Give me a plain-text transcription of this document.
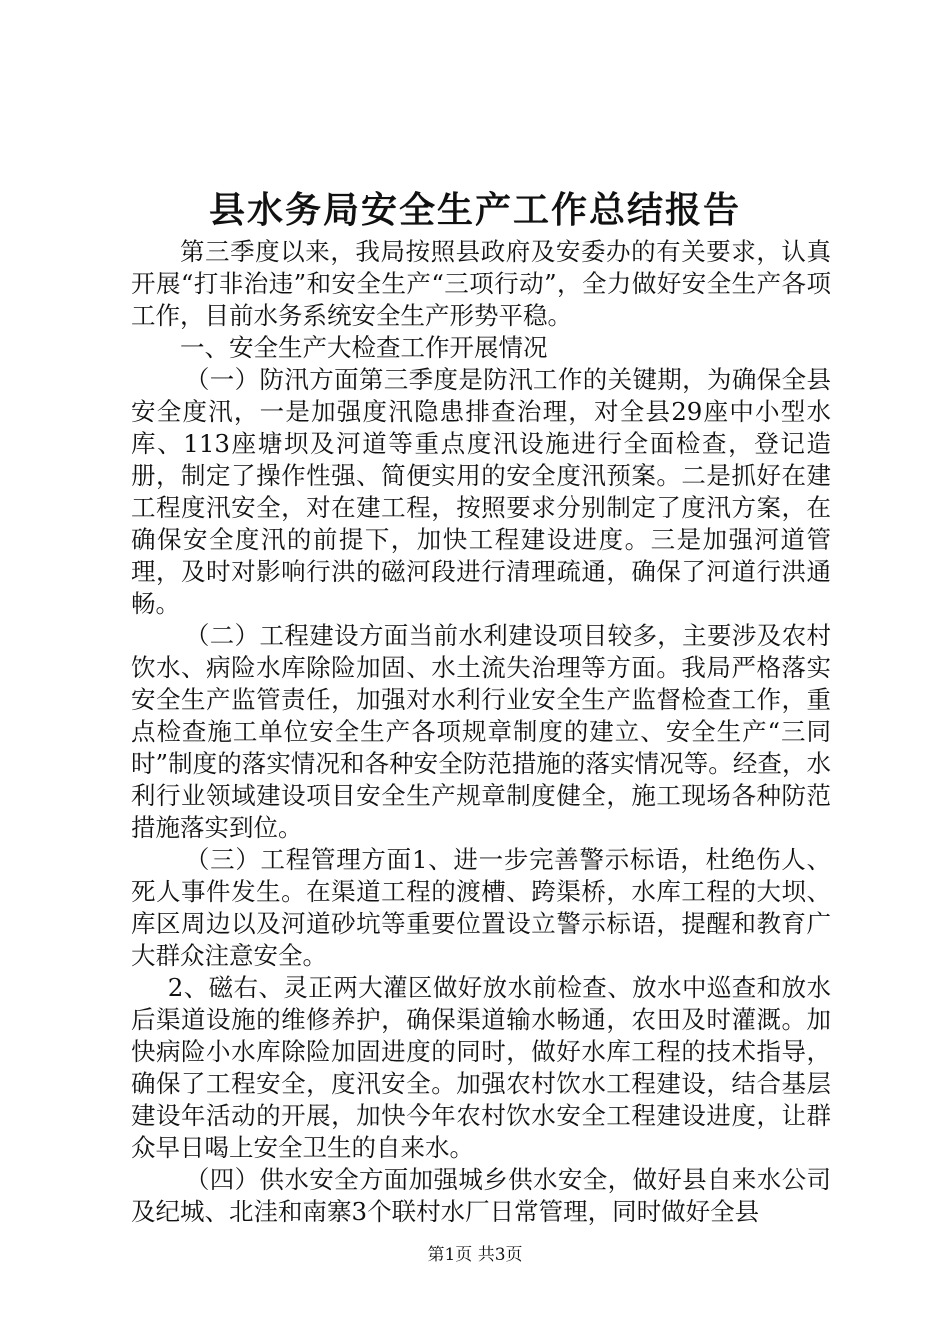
县水务局安全生产工作总结报告

第三季度以来，我局按照县政府及安委办的有关要求，认真开展“打非治违”和安全生产“三项行动”，全力做好安全生产各项工作，目前水务系统安全生产形势平稳。

一、安全生产大检查工作开展情况

（一）防汛方面第三季度是防汛工作的关键期，为确保全县安全度汛，一是加强度汛隐患排查治理，对全县29座中小型水库、113座塘坝及河道等重点度汛设施进行全面检查，登记造册，制定了操作性强、简便实用的安全度汛预案。二是抓好在建工程度汛安全，对在建工程，按照要求分别制定了度汛方案，在确保安全度汛的前提下，加快工程建设进度。三是加强河道管理，及时对影响行洪的磁河段进行清理疏通，确保了河道行洪通畅。

（二）工程建设方面当前水利建设项目较多，主要涉及农村饮水、病险水库除险加固、水土流失治理等方面。我局严格落实安全生产监管责任，加强对水利行业安全生产监督检查工作，重点检查施工单位安全生产各项规章制度的建立、安全生产“三同时”制度的落实情况和各种安全防范措施的落实情况等。经查，水利行业领域建设项目安全生产规章制度健全，施工现场各种防范措施落实到位。

（三）工程管理方面1、进一步完善警示标语，杜绝伤人、死人事件发生。在渠道工程的渡槽、跨渠桥，水库工程的大坝、库区周边以及河道砂坑等重要位置设立警示标语，提醒和教育广大群众注意安全。

2、磁右、灵正两大灌区做好放水前检查、放水中巡查和放水后渠道设施的维修养护，确保渠道输水畅通，农田及时灌溉。加快病险小水库除险加固进度的同时，做好水库工程的技术指导，确保了工程安全，度汛安全。加强农村饮水工程建设，结合基层建设年活动的开展，加快今年农村饮水安全工程建设进度，让群众早日喝上安全卫生的自来水。

（四）供水安全方面加强城乡供水安全，做好县自来水公司及纪城、北洼和南寨3个联村水厂日常管理，同时做好全县

第1页 共3页
